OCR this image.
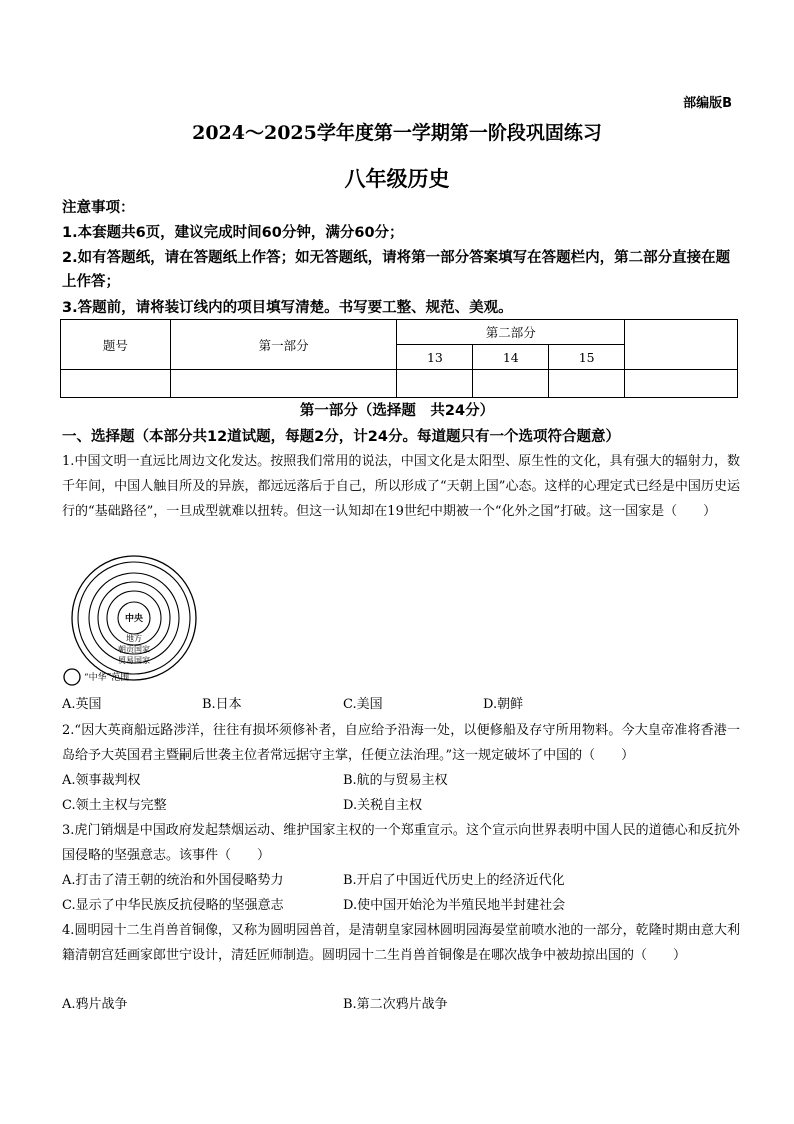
部编版B
2024～2025学年度第一学期第一阶段巩固练习
八年级历史
注意事项：
1.本套题共6页，建议完成时间60分钟，满分60分；
2.如有答题纸，请在答题纸上作答；如无答题纸，请将第一部分答案填写在答题栏内，第二部分直接在题上作答；
3.答题前，请将装订线内的项目填写清楚。书写要工整、规范、美观。
题号	第一部分	第二部分			
		13	14	15	

第一部分（选择题　共24分）
一、选择题（本部分共12道试题，每题2分，计24分。每道题只有一个选项符合题意）
1.中国文明一直远比周边文化发达。按照我们常用的说法，中国文化是太阳型、原生性的文化，具有强大的辐射力，数千年间，中国人触目所及的异族，都远远落后于自己，所以形成了“天朝上国”心态。这样的心理定式已经是中国历史运行的“基础路径”，一旦成型就难以扭转。但这一认知却在19世纪中期被一个“化外之国”打破。这一国家是（　　）
中央
地方
朝贡国家
贸易国家
“中华”范围
A.英国	B.日本	C.美国	D.朝鲜
2.“因大英商船远路涉洋，往往有损坏须修补者，自应给予沿海一处，以便修船及存守所用物料。今大皇帝准将香港一岛给予大英国君主暨嗣后世袭主位者常远据守主掌，任便立法治理。”这一规定破坏了中国的（　　）
A.领事裁判权	B.航的与贸易主权
C.领土主权与完整	D.关税自主权
3.虎门销烟是中国政府发起禁烟运动、维护国家主权的一个郑重宣示。这个宣示向世界表明中国人民的道德心和反抗外国侵略的坚强意志。该事件（　　）
A.打击了清王朝的统治和外国侵略势力	B.开启了中国近代历史上的经济近代化
C.显示了中华民族反抗侵略的坚强意志	D.使中国开始沦为半殖民地半封建社会
4.圆明园十二生肖兽首铜像，又称为圆明园兽首，是清朝皇家园林圆明园海晏堂前喷水池的一部分，乾隆时期由意大利籍清朝宫廷画家郎世宁设计，清廷匠师制造。圆明园十二生肖兽首铜像是在哪次战争中被劫掠出国的（　　）
A.鸦片战争	B.第二次鸦片战争
